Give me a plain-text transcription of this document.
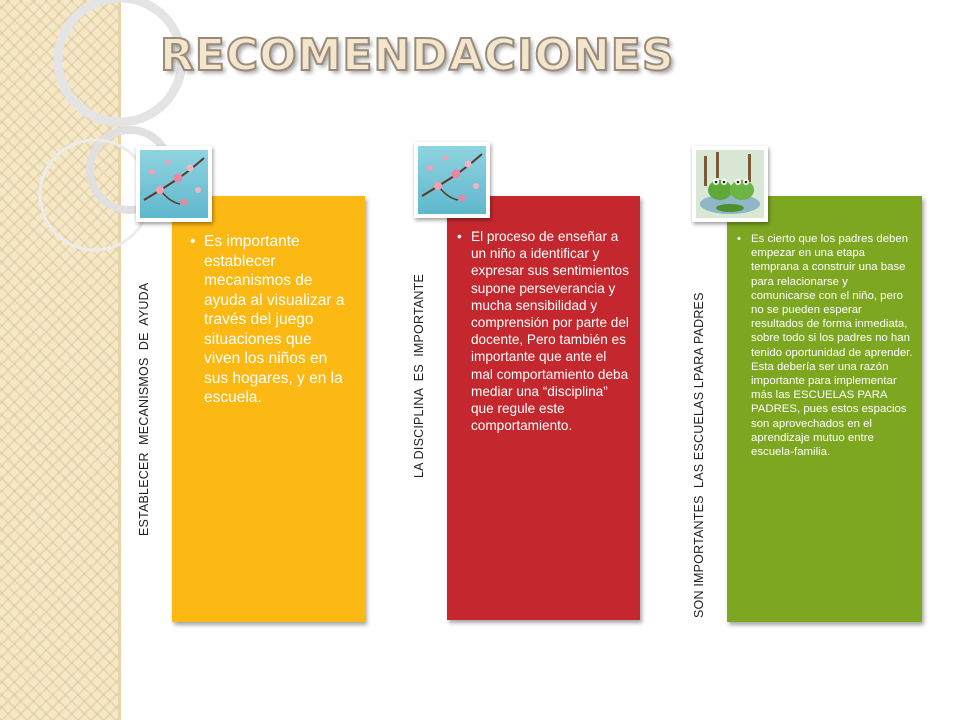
RECOMENDACIONES
ESTABLECER  MECANISMOS  DE  AYUDA
• Es importante establecer mecanismos de ayuda al visualizar a través del juego situaciones que viven los niños en sus hogares, y en la escuela.	LA DISCIPLINA  ES  IMPORTANTE
• El proceso de enseñar a un niño a identificar y expresar sus sentimientos supone perseverancia y mucha sensibilidad y comprensión por parte del docente, Pero también es importante que ante el mal comportamiento deba mediar una “disciplina” que regule este comportamiento.	SON IMPORTANTES  LAS ESCUELAS LPARA PADRES
• Es cierto que los padres deben empezar en una etapa temprana a construir una base para relacionarse y comunicarse con el niño, pero no se pueden esperar resultados de forma inmediata, sobre todo si los padres no han tenido oportunidad de aprender. Esta debería ser una razón importante para implementar más las ESCUELAS PARA PADRES, pues estos espacios son aprovechados en el aprendizaje mutuo entre escuela-familia.
